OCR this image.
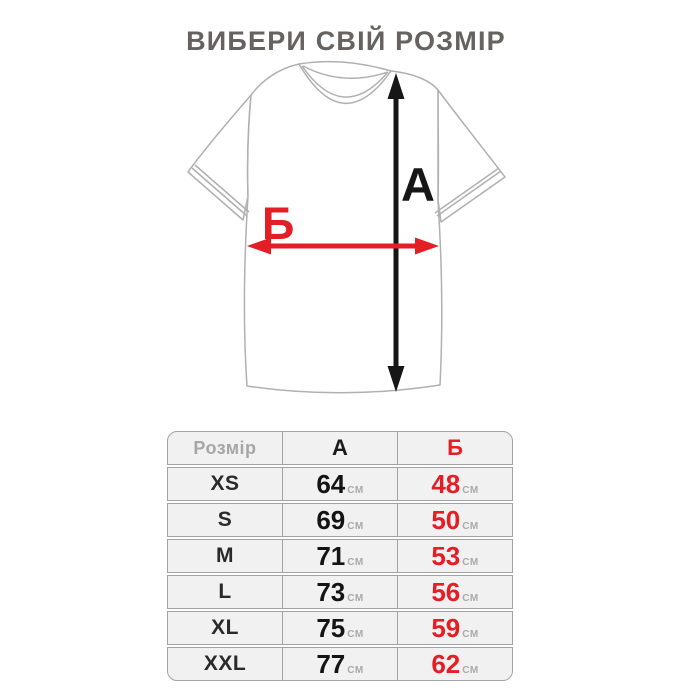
ВИБЕРИ СВІЙ РОЗМІР
А
Б
Розмір	А	Б
XS	64 СМ	48 СМ
S	69 СМ	50 СМ
M	71 СМ	53 СМ
L	73 СМ	56 СМ
XL	75 СМ	59 СМ
XXL	77 СМ	62 СМ
